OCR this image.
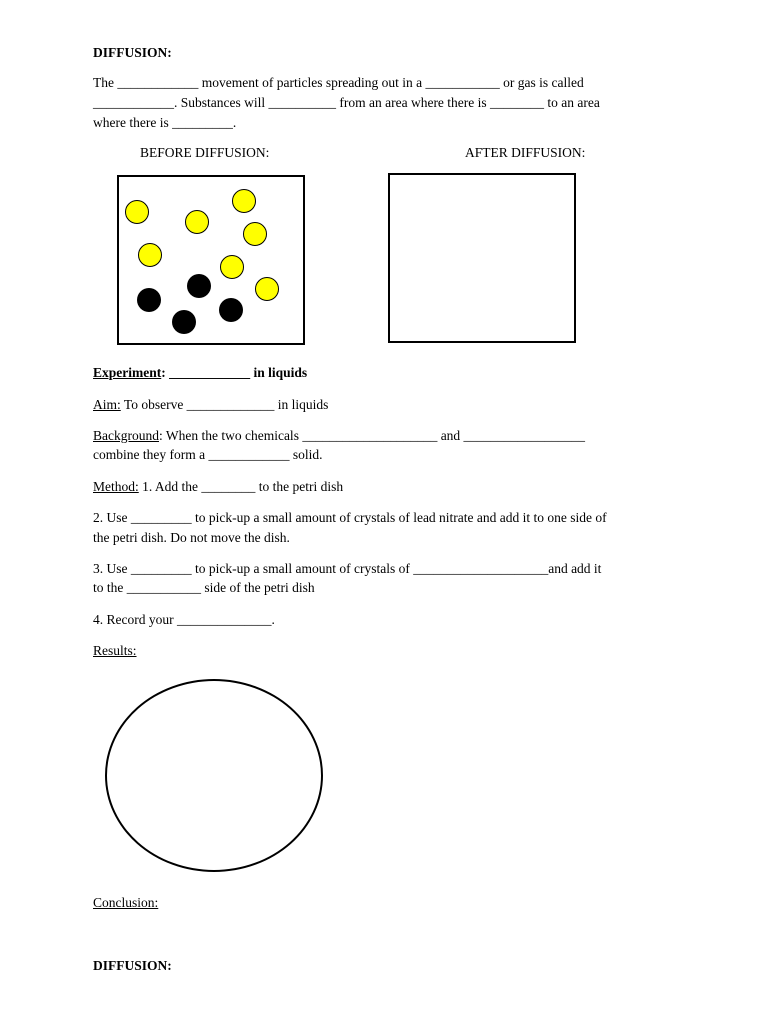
DIFFUSION:
The ____________ movement of particles spreading out in a ___________ or gas is called
____________. Substances will __________ from an area where there is ________ to an area
where there is _________.
BEFORE DIFFUSION:	AFTER DIFFUSION:
Experiment: ____________ in liquids
Aim: To observe _____________ in liquids
Background: When the two chemicals ____________________ and __________________
combine they form a ____________ solid.
Method: 1. Add the ________ to the petri dish
2. Use _________ to pick-up a small amount of crystals of lead nitrate and add it to one side of
the petri dish. Do not move the dish.
3. Use _________ to pick-up a small amount of crystals of ____________________and add it
to the ___________ side of the petri dish
4. Record your ______________.
Results:
Conclusion:
DIFFUSION:
